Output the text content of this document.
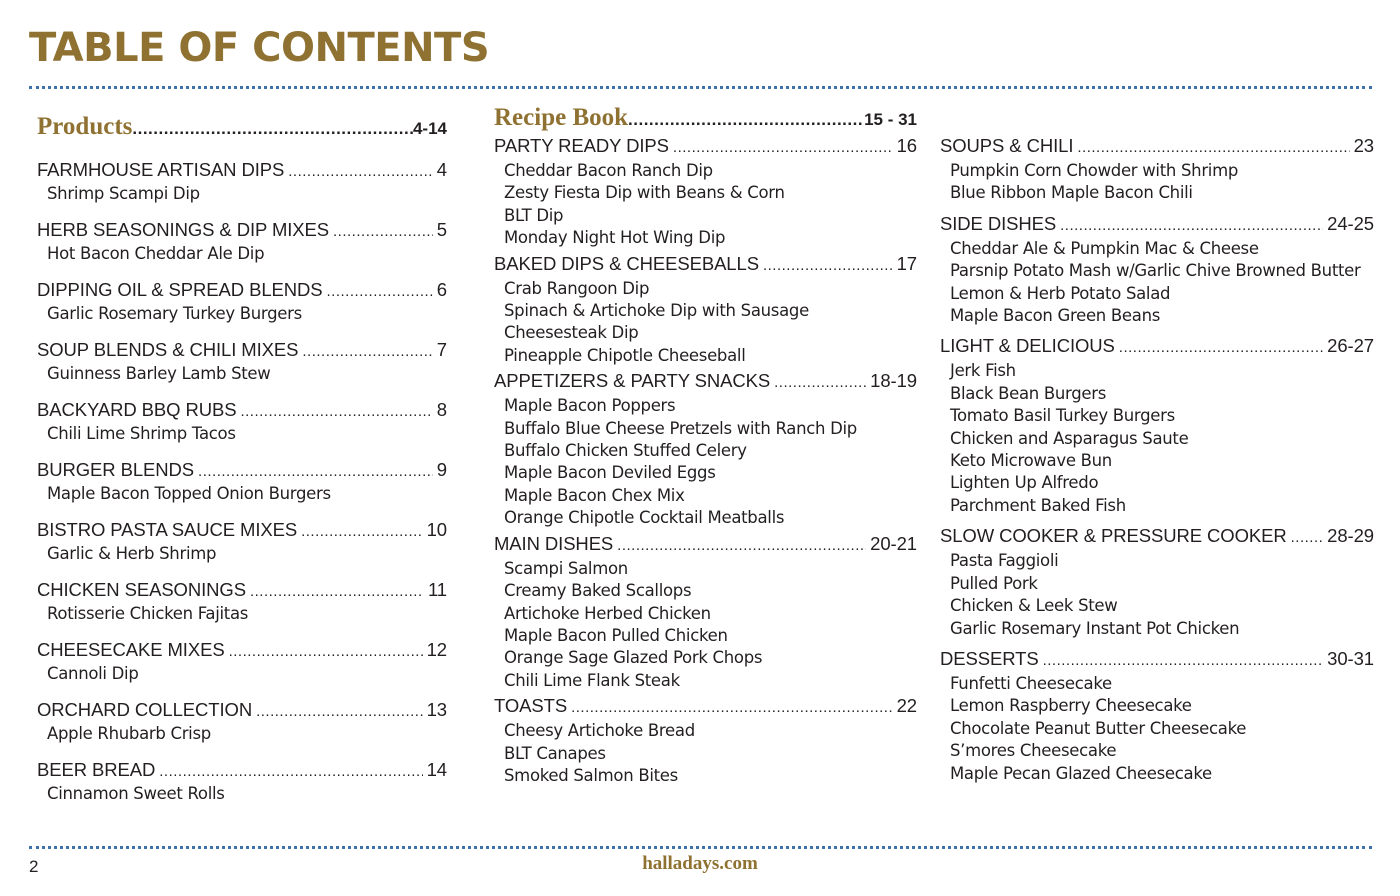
TABLE OF CONTENTS
Products .....	4-14
FARMHOUSE ARTISAN DIPS .....	4
Shrimp Scampi Dip
HERB SEASONINGS & DIP MIXES .....	5
Hot Bacon Cheddar Ale Dip
DIPPING OIL & SPREAD BLENDS .....	6
Garlic Rosemary Turkey Burgers
SOUP BLENDS & CHILI MIXES .....	7
Guinness Barley Lamb Stew
BACKYARD BBQ RUBS .....	8
Chili Lime Shrimp Tacos
BURGER BLENDS .....	9
Maple Bacon Topped Onion Burgers
BISTRO PASTA SAUCE MIXES .....	10
Garlic & Herb Shrimp
CHICKEN SEASONINGS .....	11
Rotisserie Chicken Fajitas
CHEESECAKE MIXES .....	12
Cannoli Dip
ORCHARD COLLECTION .....	13
Apple Rhubarb Crisp
BEER BREAD .....	14
Cinnamon Sweet Rolls
Recipe Book .....	15 - 31
PARTY READY DIPS .....	16
Cheddar Bacon Ranch Dip
Zesty Fiesta Dip with Beans & Corn
BLT Dip
Monday Night Hot Wing Dip
BAKED DIPS & CHEESEBALLS .....	17
Crab Rangoon Dip
Spinach & Artichoke Dip with Sausage
Cheesesteak Dip
Pineapple Chipotle Cheeseball
APPETIZERS & PARTY SNACKS .....	18-19
Maple Bacon Poppers
Buffalo Blue Cheese Pretzels with Ranch Dip
Buffalo Chicken Stuffed Celery
Maple Bacon Deviled Eggs
Maple Bacon Chex Mix
Orange Chipotle Cocktail Meatballs
MAIN DISHES .....	20-21
Scampi Salmon
Creamy Baked Scallops
Artichoke Herbed Chicken
Maple Bacon Pulled Chicken
Orange Sage Glazed Pork Chops
Chili Lime Flank Steak
TOASTS .....	22
Cheesy Artichoke Bread
BLT Canapes
Smoked Salmon Bites
SOUPS & CHILI .....	23
Pumpkin Corn Chowder with Shrimp
Blue Ribbon Maple Bacon Chili
SIDE DISHES .....	24-25
Cheddar Ale & Pumpkin Mac & Cheese
Parsnip Potato Mash w/Garlic Chive Browned Butter
Lemon & Herb Potato Salad
Maple Bacon Green Beans
LIGHT & DELICIOUS .....	26-27
Jerk Fish
Black Bean Burgers
Tomato Basil Turkey Burgers
Chicken and Asparagus Saute
Keto Microwave Bun
Lighten Up Alfredo
Parchment Baked Fish
SLOW COOKER & PRESSURE COOKER ..... 28-29
Pasta Faggioli
Pulled Pork
Chicken & Leek Stew
Garlic Rosemary Instant Pot Chicken
DESSERTS .....	30-31
Funfetti Cheesecake
Lemon Raspberry Cheesecake
Chocolate Peanut Butter Cheesecake
S’mores Cheesecake
Maple Pecan Glazed Cheesecake
2	halladays.com
